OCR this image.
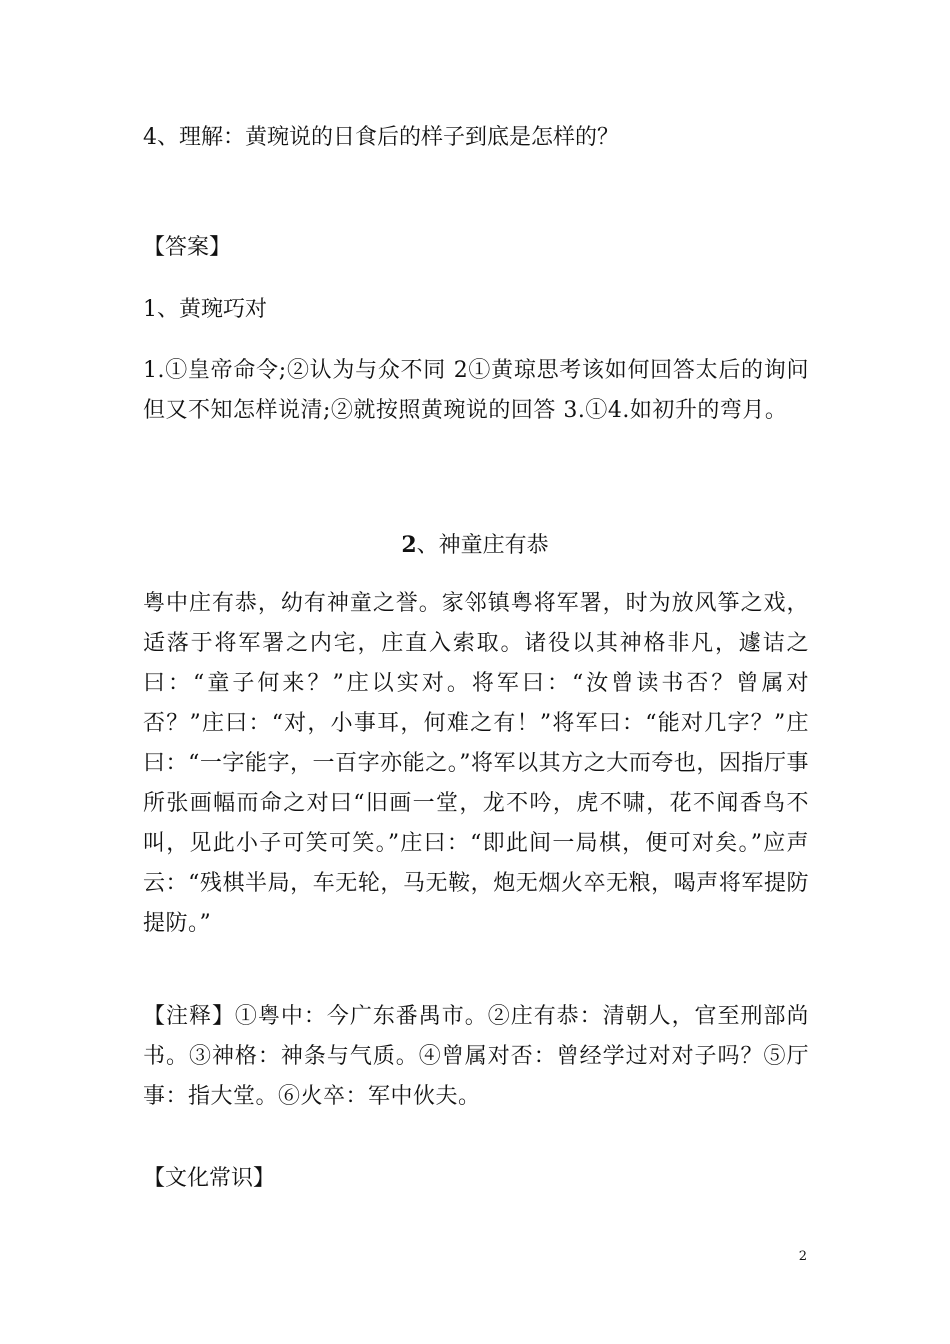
4、理解：黄琬说的日食后的样子到底是怎样的？
【答案】
1、黄琬巧对
1.①皇帝命令;②认为与众不同 2①黄琼思考该如何回答太后的询问但又不知怎样说清;②就按照黄琬说的回答 3.①4.如初升的弯月。
2、神童庄有恭
粤中庄有恭，幼有神童之誉。家邻镇粤将军署，时为放风筝之戏，适落于将军署之内宅，庄直入索取。诸役以其神格非凡，遽诘之曰：“童子何来？”庄以实对。将军曰：“汝曾读书否？曾属对否？”庄曰：“对，小事耳，何难之有！”将军曰：“能对几字？”庄曰：“一字能字，一百字亦能之。”将军以其方之大而夸也，因指厅事所张画幅而命之对曰“旧画一堂，龙不吟，虎不啸，花不闻香鸟不叫，见此小子可笑可笑。”庄曰：“即此间一局棋，便可对矣。”应声云：“残棋半局，车无轮，马无鞍，炮无烟火卒无粮，喝声将军提防提防。”
【注释】①粤中：今广东番禺市。②庄有恭：清朝人，官至刑部尚书。③神格：神条与气质。④曾属对否：曾经学过对对子吗？⑤厅事：指大堂。⑥火卒：军中伙夫。
【文化常识】
2
